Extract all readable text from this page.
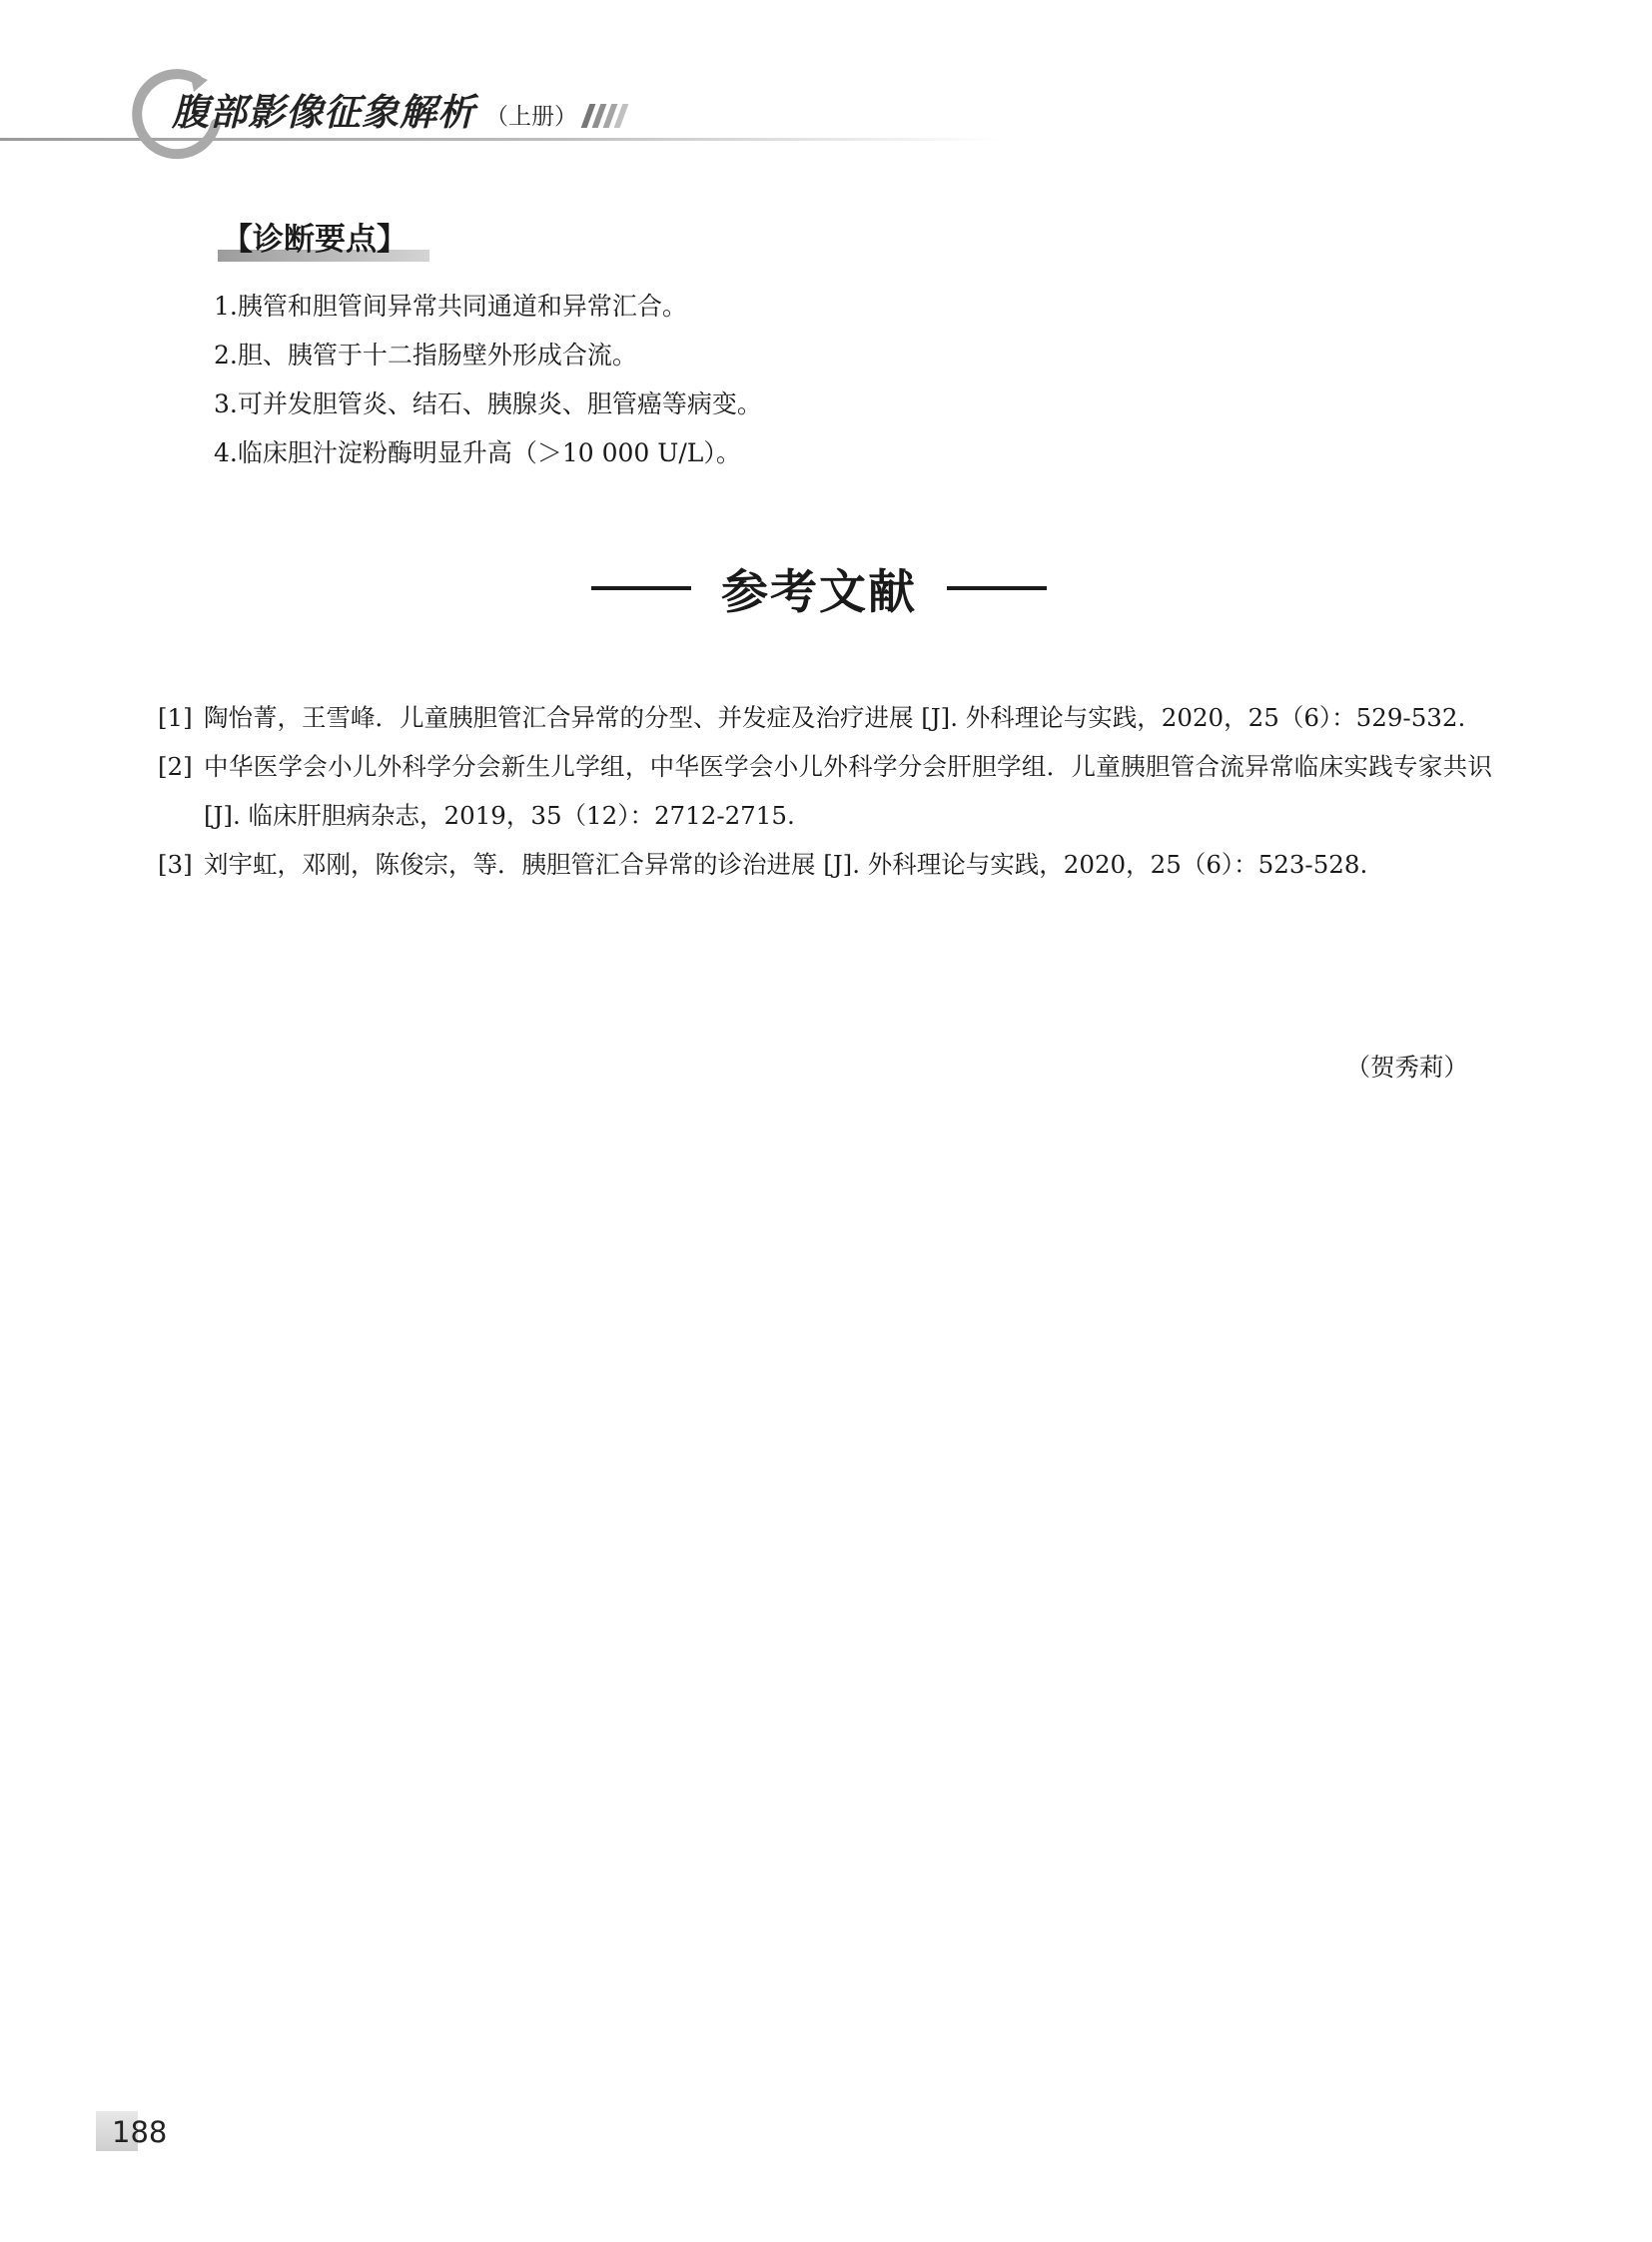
腹部影像征象解析 （上册）
【诊断要点】
1.胰管和胆管间异常共同通道和异常汇合。
2.胆、胰管于十二指肠壁外形成合流。
3.可并发胆管炎、结石、胰腺炎、胆管癌等病变。
4.临床胆汁淀粉酶明显升高（＞10 000 U/L）。
参考文献
[1] 陶怡菁，王雪峰．儿童胰胆管汇合异常的分型、并发症及治疗进展 [J]. 外科理论与实践，2020，25（6）：529-532.
[2] 中华医学会小儿外科学分会新生儿学组，中华医学会小儿外科学分会肝胆学组．儿童胰胆管合流异常临床实践专家共识 [J]. 临床肝胆病杂志，2019，35（12）：2712-2715.
[3] 刘宇虹，邓刚，陈俊宗，等．胰胆管汇合异常的诊治进展 [J]. 外科理论与实践，2020，25（6）：523-528.
（贺秀莉）
188
